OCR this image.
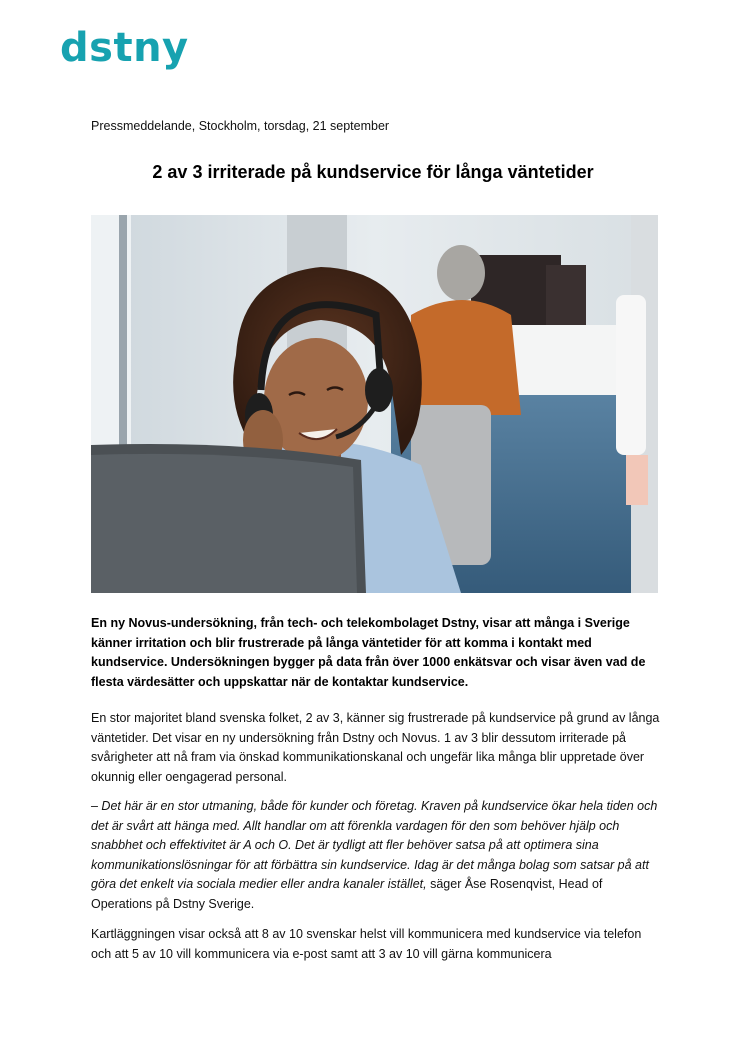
dstny
Pressmeddelande, Stockholm, torsdag, 21 september
2 av 3 irriterade på kundservice för långa väntetider

En ny Novus-undersökning, från tech- och telekombolaget Dstny, visar att många i Sverige känner irritation och blir frustrerade på långa väntetider för att komma i kontakt med kundservice. Undersökningen bygger på data från över 1000 enkätsvar och visar även vad de flesta värdesätter och uppskattar när de kontaktar kundservice.

En stor majoritet bland svenska folket, 2 av 3, känner sig frustrerade på kundservice på grund av långa väntetider. Det visar en ny undersökning från Dstny och Novus. 1 av 3 blir dessutom irriterade på svårigheter att nå fram via önskad kommunikationskanal och ungefär lika många blir uppretade över okunnig eller oengagerad personal.

– Det här är en stor utmaning, både för kunder och företag. Kraven på kundservice ökar hela tiden och det är svårt att hänga med. Allt handlar om att förenkla vardagen för den som behöver hjälp och snabbhet och effektivitet är A och O. Det är tydligt att fler behöver satsa på att optimera sina kommunikationslösningar för att förbättra sin kundservice. Idag är det många bolag som satsar på att göra det enkelt via sociala medier eller andra kanaler istället, säger Åse Rosenqvist, Head of Operations på Dstny Sverige.

Kartläggningen visar också att 8 av 10 svenskar helst vill kommunicera med kundservice via telefon och att 5 av 10 vill kommunicera via e-post samt att 3 av 10 vill gärna kommunicera
